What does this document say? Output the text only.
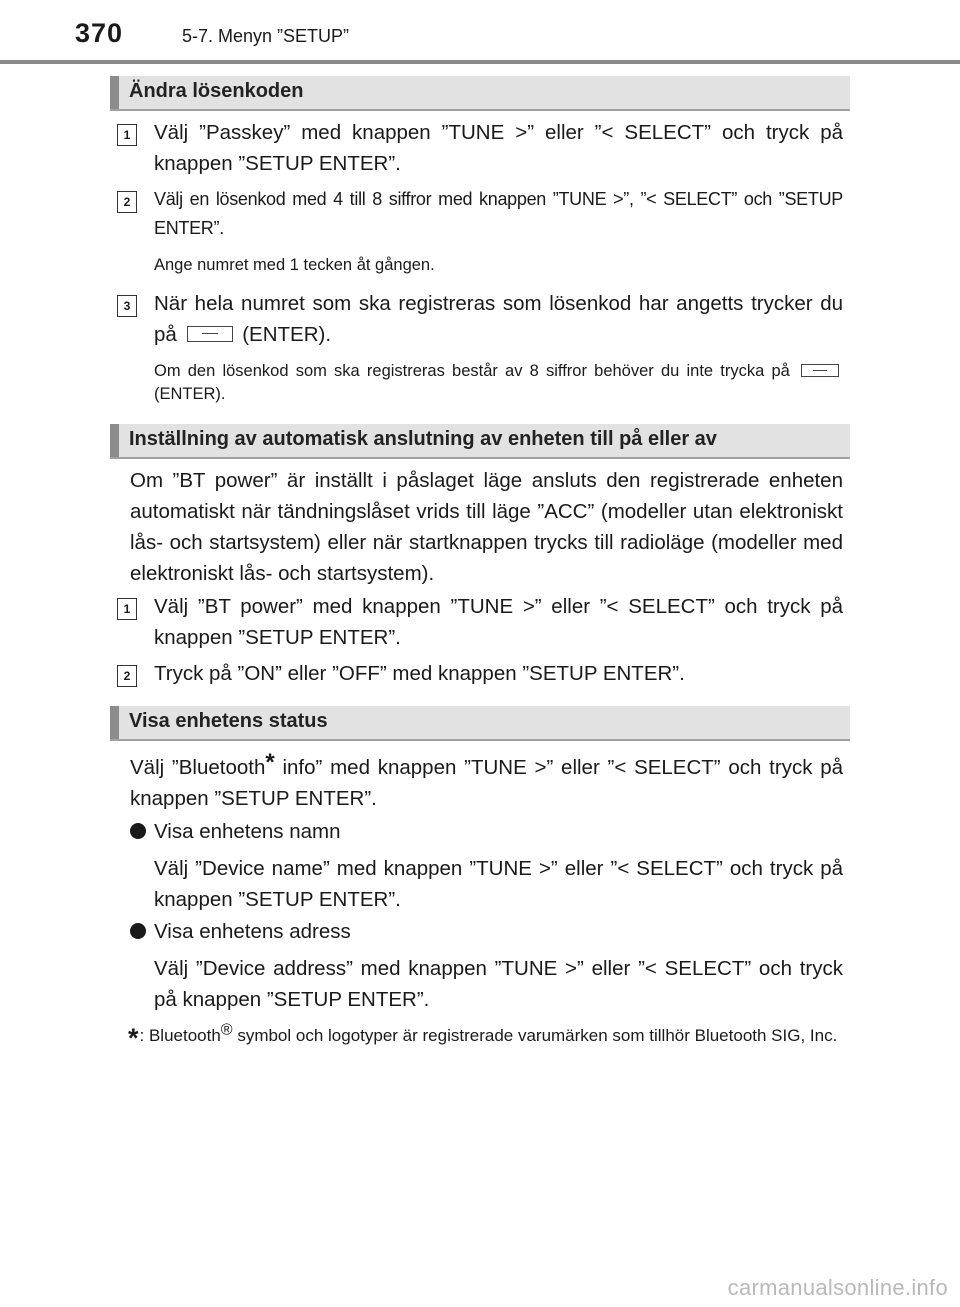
370	5-7. Menyn ”SETUP”
Ändra lösenkoden
1	Välj ”Passkey” med knappen ”TUNE >” eller ”< SELECT” och tryck på knappen ”SETUP ENTER”.
2	Välj en lösenkod med 4 till 8 siffror med knappen ”TUNE >”, ”< SELECT” och ”SETUP ENTER”.
Ange numret med 1 tecken åt gången.
3	När hela numret som ska registreras som lösenkod har angetts trycker du på	(ENTER).
Om den lösenkod som ska registreras består av 8 siffror behöver du inte trycka på  (ENTER).
Inställning av automatisk anslutning av enheten till på eller av
Om ”BT power” är inställt i påslaget läge ansluts den registrerade enheten automatiskt när tändningslåset vrids till läge ”ACC” (modeller utan elektroniskt lås- och startsystem) eller när startknappen trycks till radioläge (modeller med elektroniskt lås- och startsystem).
1	Välj ”BT power” med knappen ”TUNE >” eller ”< SELECT” och tryck på knappen ”SETUP ENTER”.
2	Tryck på ”ON” eller ”OFF” med knappen ”SETUP ENTER”.
Visa enhetens status
Välj ”Bluetooth* info” med knappen ”TUNE >” eller ”< SELECT” och tryck på knappen ”SETUP ENTER”.
Visa enhetens namn
Välj ”Device name” med knappen ”TUNE >” eller ”< SELECT” och tryck på knappen ”SETUP ENTER”.
Visa enhetens adress
Välj ”Device address” med knappen ”TUNE >” eller ”< SELECT” och tryck på knappen ”SETUP ENTER”.
*: Bluetooth® symbol och logotyper är registrerade varumärken som tillhör Bluetooth SIG, Inc.
carmanualsonline.info
